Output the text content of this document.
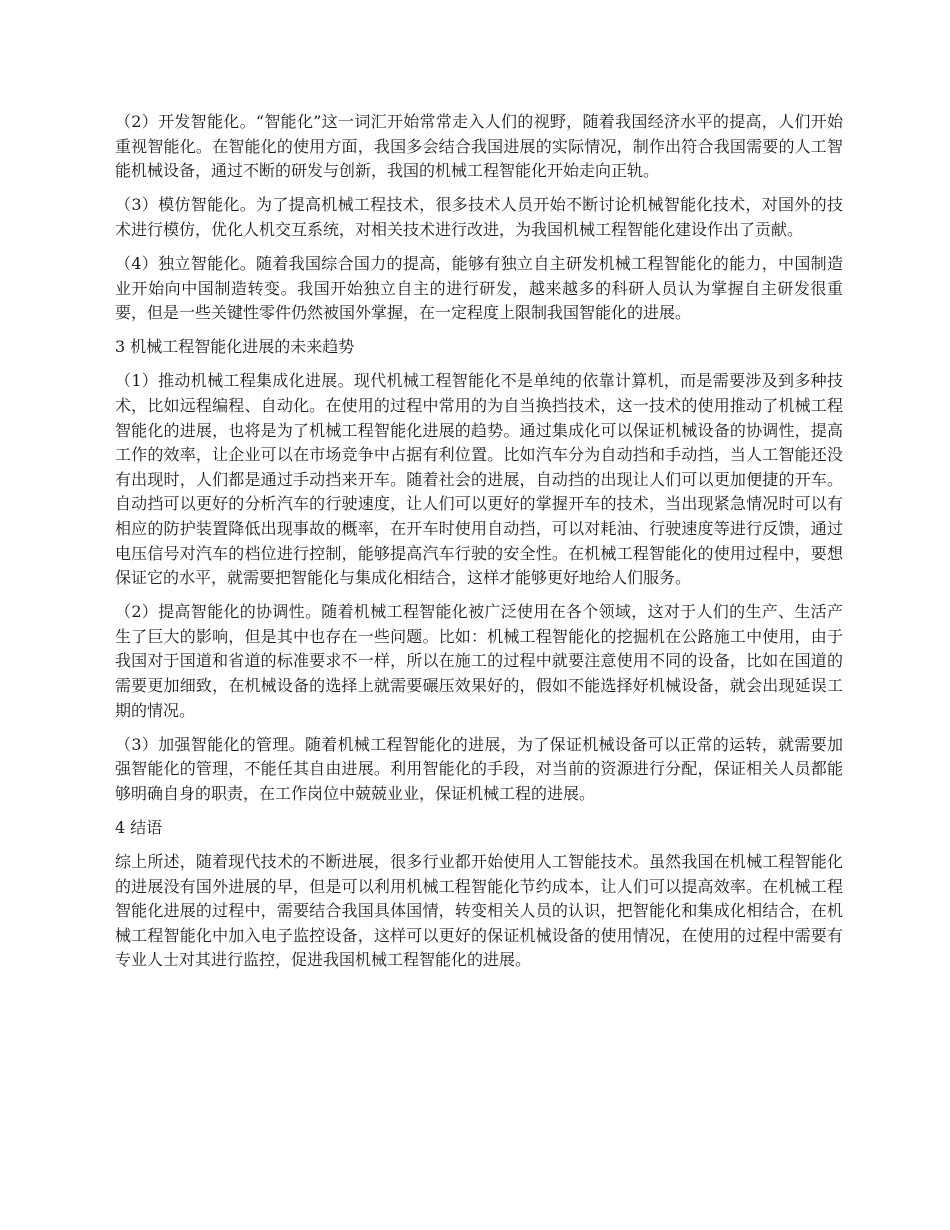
（2）开发智能化。“智能化”这一词汇开始常常走入人们的视野，随着我国经济水平的提高，人们开始重视智能化。在智能化的使用方面，我国多会结合我国进展的实际情况，制作出符合我国需要的人工智能机械设备，通过不断的研发与创新，我国的机械工程智能化开始走向正轨。

（3）模仿智能化。为了提高机械工程技术，很多技术人员开始不断讨论机械智能化技术，对国外的技术进行模仿，优化人机交互系统，对相关技术进行改进，为我国机械工程智能化建设作出了贡献。

（4）独立智能化。随着我国综合国力的提高，能够有独立自主研发机械工程智能化的能力，中国制造业开始向中国制造转变。我国开始独立自主的进行研发，越来越多的科研人员认为掌握自主研发很重要，但是一些关键性零件仍然被国外掌握，在一定程度上限制我国智能化的进展。

3 机械工程智能化进展的未来趋势

（1）推动机械工程集成化进展。现代机械工程智能化不是单纯的依靠计算机，而是需要涉及到多种技术，比如远程编程、自动化。在使用的过程中常用的为自当换挡技术，这一技术的使用推动了机械工程智能化的进展，也将是为了机械工程智能化进展的趋势。通过集成化可以保证机械设备的协调性，提高工作的效率，让企业可以在市场竞争中占据有利位置。比如汽车分为自动挡和手动挡，当人工智能还没有出现时，人们都是通过手动挡来开车。随着社会的进展，自动挡的出现让人们可以更加便捷的开车。自动挡可以更好的分析汽车的行驶速度，让人们可以更好的掌握开车的技术，当出现紧急情况时可以有相应的防护装置降低出现事故的概率，在开车时使用自动挡，可以对耗油、行驶速度等进行反馈，通过电压信号对汽车的档位进行控制，能够提高汽车行驶的安全性。在机械工程智能化的使用过程中，要想保证它的水平，就需要把智能化与集成化相结合，这样才能够更好地给人们服务。

（2）提高智能化的协调性。随着机械工程智能化被广泛使用在各个领域，这对于人们的生产、生活产生了巨大的影响，但是其中也存在一些问题。比如：机械工程智能化的挖掘机在公路施工中使用，由于我国对于国道和省道的标准要求不一样，所以在施工的过程中就要注意使用不同的设备，比如在国道的需要更加细致，在机械设备的选择上就需要碾压效果好的，假如不能选择好机械设备，就会出现延误工期的情况。

（3）加强智能化的管理。随着机械工程智能化的进展，为了保证机械设备可以正常的运转，就需要加强智能化的管理，不能任其自由进展。利用智能化的手段，对当前的资源进行分配，保证相关人员都能够明确自身的职责，在工作岗位中兢兢业业，保证机械工程的进展。

4 结语

综上所述，随着现代技术的不断进展，很多行业都开始使用人工智能技术。虽然我国在机械工程智能化的进展没有国外进展的早，但是可以利用机械工程智能化节约成本，让人们可以提高效率。在机械工程智能化进展的过程中，需要结合我国具体国情，转变相关人员的认识，把智能化和集成化相结合，在机械工程智能化中加入电子监控设备，这样可以更好的保证机械设备的使用情况，在使用的过程中需要有专业人士对其进行监控，促进我国机械工程智能化的进展。
